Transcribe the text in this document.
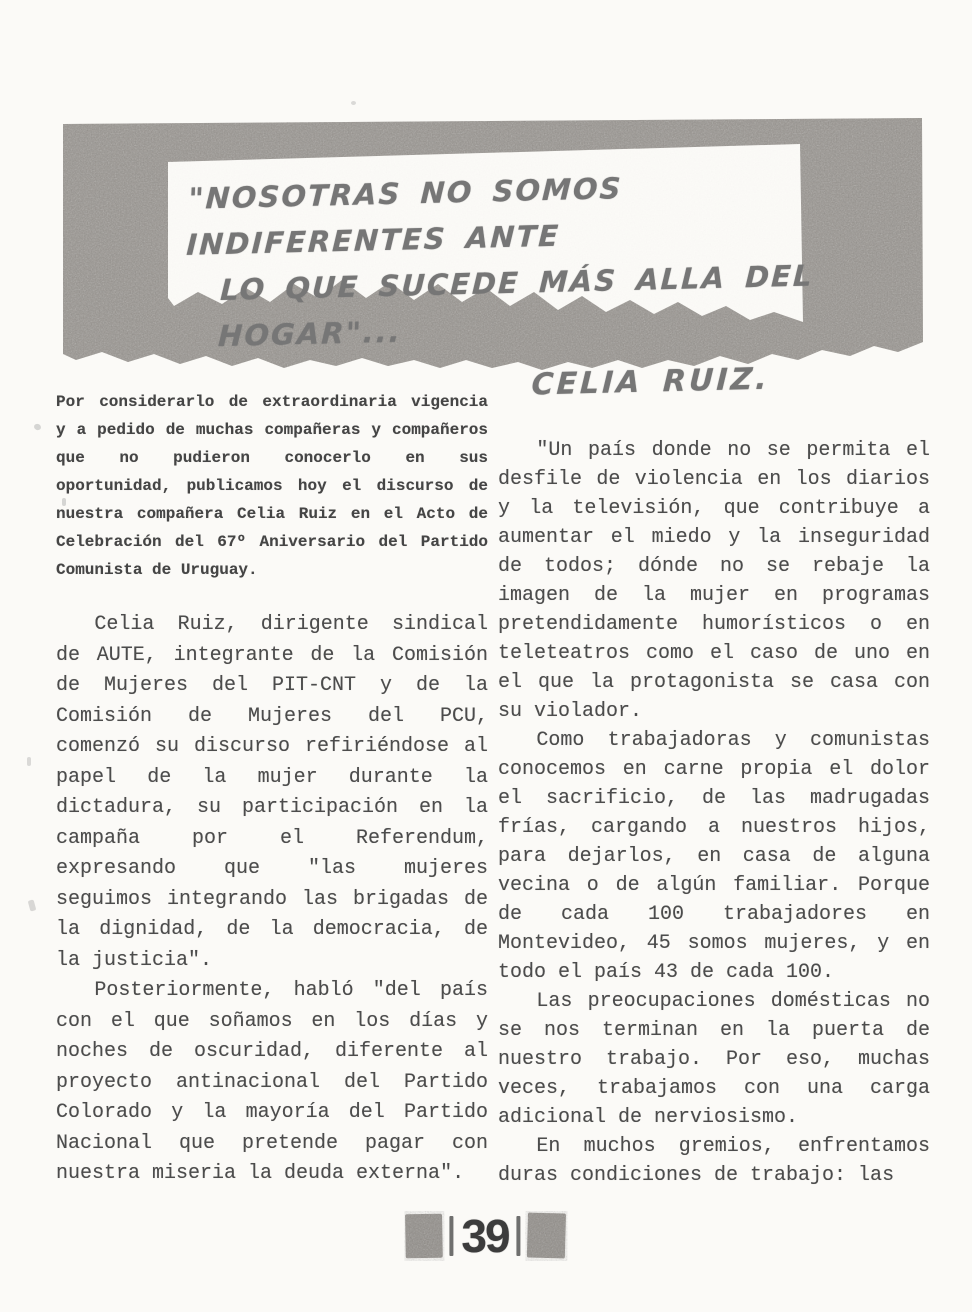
"NOSOTRAS NO SOMOS INDIFERENTES ANTE
LO QUE SUCEDE MÁS ALLA DEL HOGAR"...
CELIA RUIZ.

Por considerarlo de extraordinaria vigencia y a pedido de muchas compañeras y compañeros que no pudieron conocerlo en sus oportunidad, publicamos hoy el discurso de nuestra compañera Celia Ruiz en el Acto de Celebración del 67º Aniversario del Partido Comunista de Uruguay.

Celia Ruiz, dirigente sindical de AUTE, integrante de la Comisión de Mujeres del PIT-CNT y de la Comisión de Mujeres del PCU, comenzó su discurso refiriéndose al papel de la mujer durante la dictadura, su participación en la campaña por el Referendum, expresando que "las mujeres seguimos integrando las brigadas de la dignidad, de la democracia, de la justicia".

Posteriormente, habló "del país con el que soñamos en los días y noches de oscuridad, diferente al proyecto antinacional del Partido Colorado y la mayoría del Partido Nacional que pretende pagar con nuestra miseria la deuda externa".

"Un país donde no se permita el desfile de violencia en los diarios y la televisión, que contribuye a aumentar el miedo y la inseguridad de todos; dónde no se rebaje la imagen de la mujer en programas pretendidamente humorísticos o en teleteatros como el caso de uno en el que la protagonista se casa con su violador.

Como trabajadoras y comunistas conocemos en carne propia el dolor el sacrificio, de las madrugadas frías, cargando a nuestros hijos, para dejarlos, en casa de alguna vecina o de algún familiar. Porque de cada 100 trabajadores en Montevideo, 45 somos mujeres, y en todo el país 43 de cada 100.

Las preocupaciones domésticas no se nos terminan en la puerta de nuestro trabajo. Por eso, muchas veces, trabajamos con una carga adicional de nerviosismo.

En muchos gremios, enfrentamos duras condiciones de trabajo: las

39
